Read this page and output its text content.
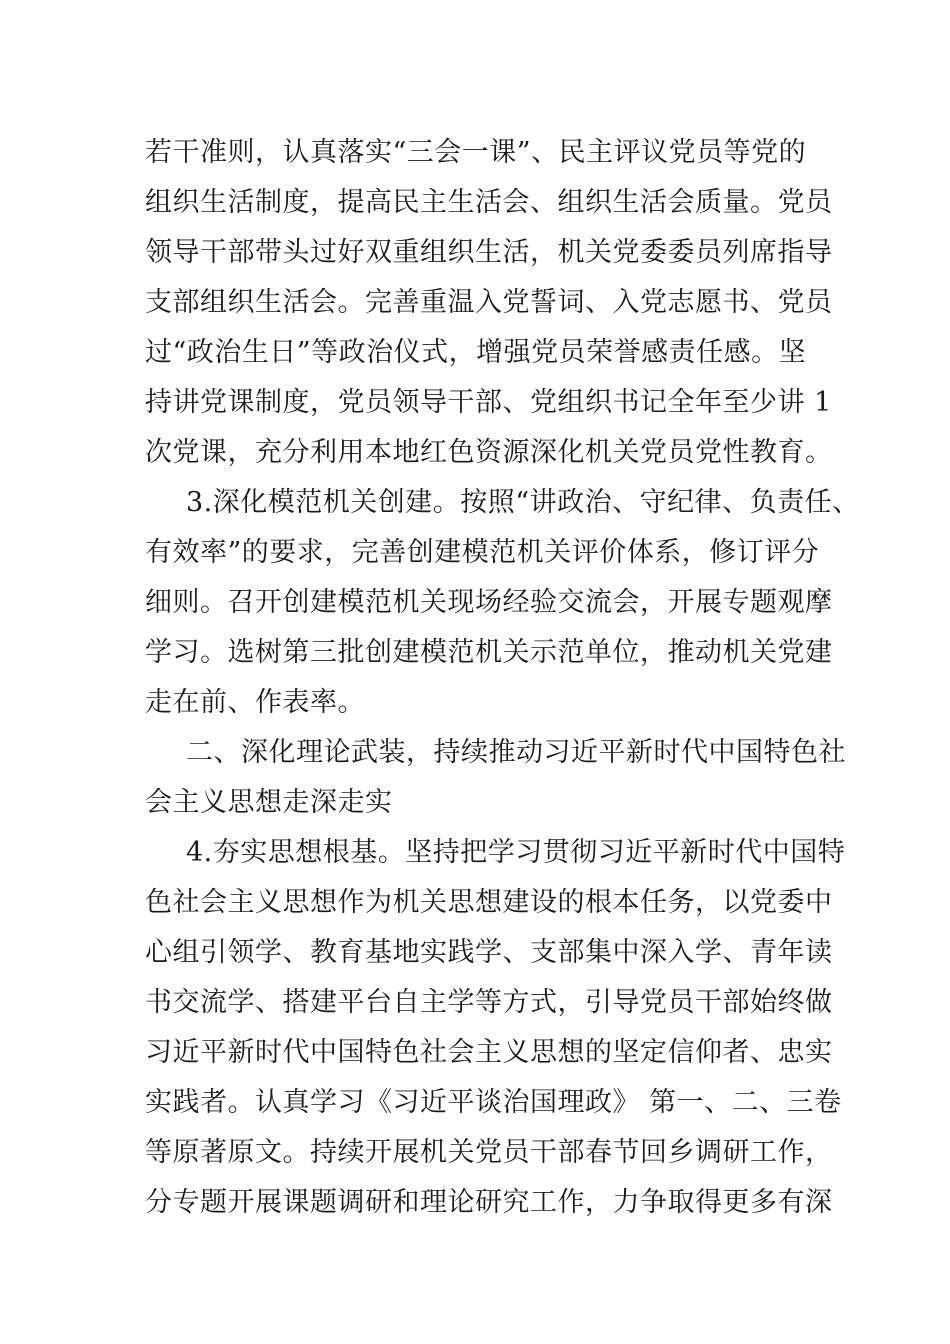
若干准则，认真落实“三会一课”、民主评议党员等党的
组织生活制度，提高民主生活会、组织生活会质量。党员
领导干部带头过好双重组织生活，机关党委委员列席指导
支部组织生活会。完善重温入党誓词、入党志愿书、党员
过“政治生日”等政治仪式，增强党员荣誉感责任感。坚
持讲党课制度，党员领导干部、党组织书记全年至少讲 1
次党课，充分利用本地红色资源深化机关党员党性教育。
3.深化模范机关创建。按照“讲政治、守纪律、负责任、
有效率”的要求，完善创建模范机关评价体系，修订评分
细则。召开创建模范机关现场经验交流会，开展专题观摩
学习。选树第三批创建模范机关示范单位，推动机关党建
走在前、作表率。
二、深化理论武装，持续推动习近平新时代中国特色社
会主义思想走深走实
4.夯实思想根基。坚持把学习贯彻习近平新时代中国特
色社会主义思想作为机关思想建设的根本任务，以党委中
心组引领学、教育基地实践学、支部集中深入学、青年读
书交流学、搭建平台自主学等方式，引导党员干部始终做
习近平新时代中国特色社会主义思想的坚定信仰者、忠实
实践者。认真学习《习近平谈治国理政》 第一、二、三卷
等原著原文。持续开展机关党员干部春节回乡调研工作，
分专题开展课题调研和理论研究工作，力争取得更多有深
